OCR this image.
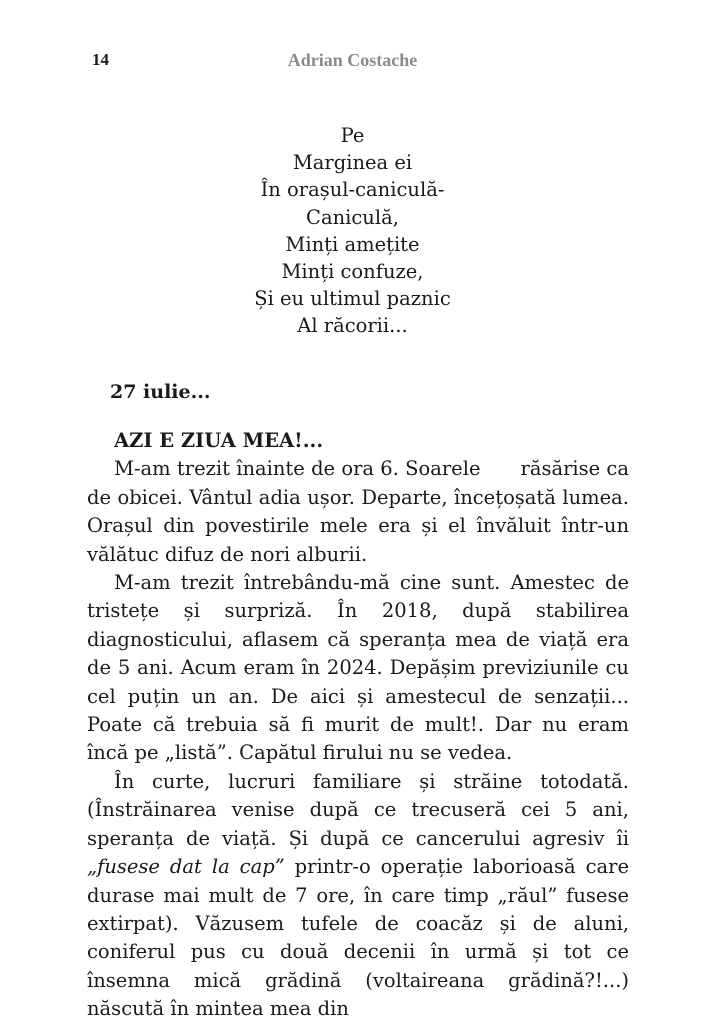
14	Adrian Costache
Pe
Marginea ei
În orașul-caniculă-
Caniculă,
Minți amețite
Minți confuze,
Și eu ultimul paznic
Al răcorii...
27 iulie...

AZI E ZIUA MEA!...

M-am trezit înainte de ora 6. Soarele răsărise ca de obicei. Vântul adia ușor. Departe, încețoșată lumea. Orașul din povestirile mele era și el învăluit într-un vălătuc difuz de nori alburii.

M-am trezit întrebându-mă cine sunt. Amestec de tristețe și surpriză. În 2018, după stabilirea diagnosticului, aflasem că speranța mea de viață era de 5 ani. Acum eram în 2024. Depășim previziunile cu cel puțin un an. De aici și amestecul de senzații... Poate că trebuia să fi murit de mult!. Dar nu eram încă pe „listă”. Capătul firului nu se vedea.

În curte, lucruri familiare și străine totodată. (Înstrăinarea venise după ce trecuseră cei 5 ani, speranța de viață. Și după ce cancerului agresiv îi „fusese dat la cap” printr-o operație laborioasă care durase mai mult de 7 ore, în care timp „răul” fusese extirpat). Văzusem tufele de coacăz și de aluni, coniferul pus cu două decenii în urmă și tot ce însemna mică grădină (voltaireana grădină?!...) născută în mintea mea din
